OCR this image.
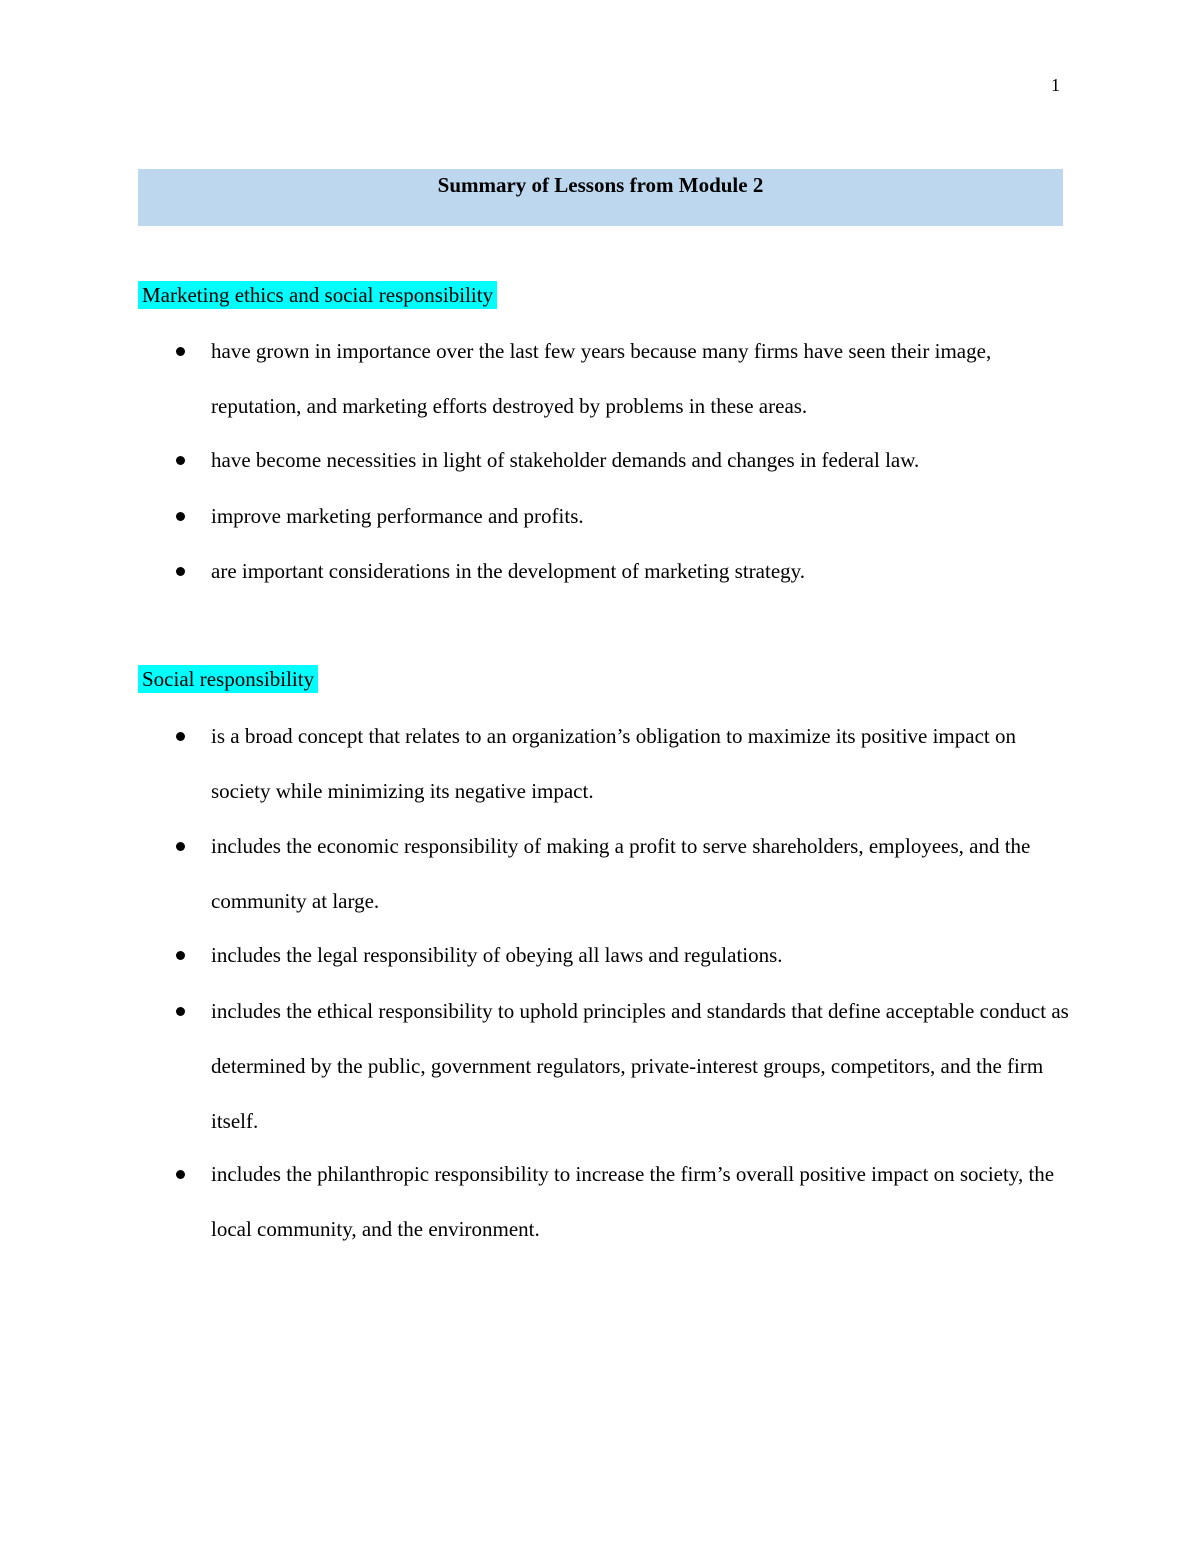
1
Summary of Lessons from Module 2
Marketing ethics and social responsibility
have grown in importance over the last few years because many firms have seen their image, reputation, and marketing efforts destroyed by problems in these areas.
have become necessities in light of stakeholder demands and changes in federal law.
improve marketing performance and profits.
are important considerations in the development of marketing strategy.
Social responsibility
is a broad concept that relates to an organization’s obligation to maximize its positive impact on society while minimizing its negative impact.
includes the economic responsibility of making a profit to serve shareholders, employees, and the community at large.
includes the legal responsibility of obeying all laws and regulations.
includes the ethical responsibility to uphold principles and standards that define acceptable conduct as determined by the public, government regulators, private-interest groups, competitors, and the firm itself.
includes the philanthropic responsibility to increase the firm’s overall positive impact on society, the local community, and the environment.
